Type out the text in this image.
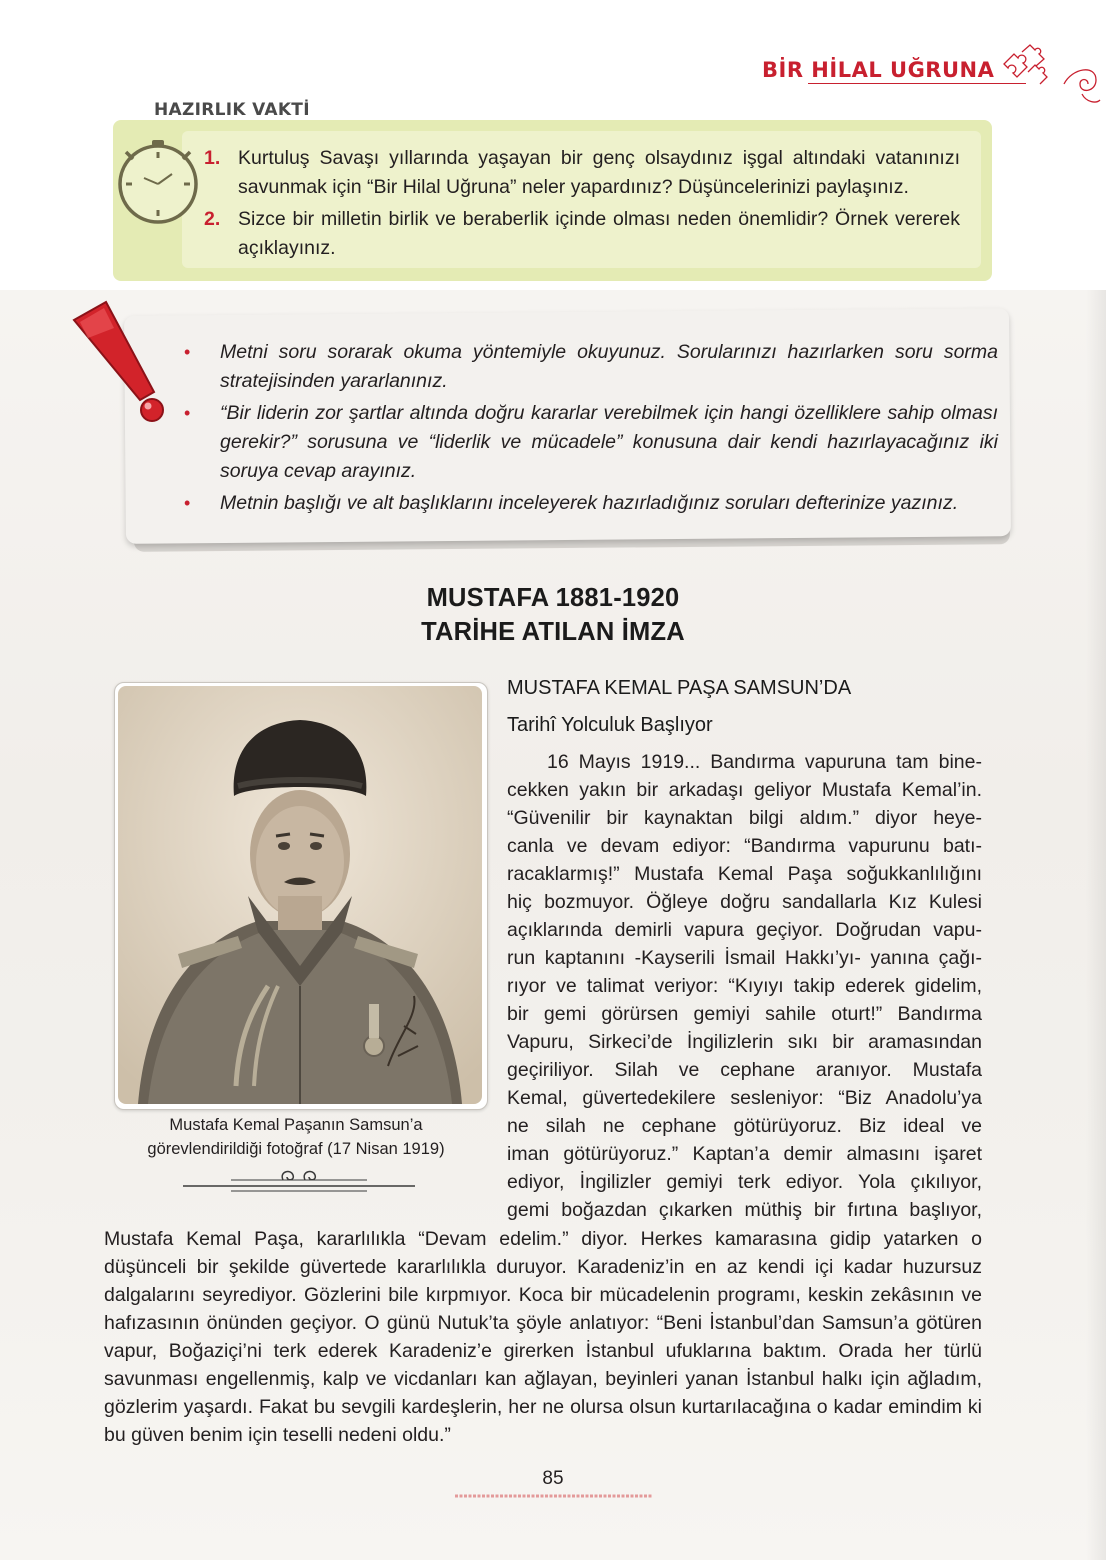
BİR HİLAL UĞRUNA
HAZIRLIK VAKTİ
1. Kurtuluş Savaşı yıllarında yaşayan bir genç olsaydınız işgal altındaki vatanınızı savunmak için “Bir Hilal Uğruna” neler yapardınız? Düşüncelerinizi paylaşınız.
2. Sizce bir milletin birlik ve beraberlik içinde olması neden önemlidir? Örnek vererek açıklayınız.
• Metni soru sorarak okuma yöntemiyle okuyunuz. Sorularınızı hazırlarken soru sorma stratejisinden yararlanınız.
• “Bir liderin zor şartlar altında doğru kararlar verebilmek için hangi özelliklere sahip olması gerekir?” sorusuna ve “liderlik ve mücadele” konusuna dair kendi hazırlayacağınız iki soruya cevap arayınız.
• Metnin başlığı ve alt başlıklarını inceleyerek hazırladığınız soruları defterinize yazınız.
MUSTAFA 1881-1920
TARİHE ATILAN İMZA
Mustafa Kemal Paşanın Samsun’a
görevlendirildiği fotoğraf (17 Nisan 1919)
MUSTAFA KEMAL PAŞA SAMSUN’DA
Tarihî Yolculuk Başlıyor

16 Mayıs 1919... Bandırma vapuruna tam bine-

cekken yakın bir arkadaşı geliyor Mustafa Kemal’in.

“Güvenilir bir kaynaktan bilgi aldım.” diyor heye-

canla ve devam ediyor: “Bandırma vapurunu batı-

racaklarmış!” Mustafa Kemal Paşa soğukkanlılığını

hiç bozmuyor. Öğleye doğru sandallarla Kız Kulesi

açıklarında demirli vapura geçiyor. Doğrudan vapu-

run kaptanını -Kayserili İsmail Hakkı’yı- yanına çağı-

rıyor ve talimat veriyor: “Kıyıyı takip ederek gidelim,

bir gemi görürsen gemiyi sahile oturt!” Bandırma

Vapuru, Sirkeci’de İngilizlerin sıkı bir aramasından

geçiriliyor. Silah ve cephane aranıyor. Mustafa

Kemal, güvertedekilere sesleniyor: “Biz Anadolu’ya

ne silah ne cephane götürüyoruz. Biz ideal ve

iman götürüyoruz.” Kaptan’a demir almasını işaret

ediyor, İngilizler gemiyi terk ediyor. Yola çıkılıyor,

gemi boğazdan çıkarken müthiş bir fırtına başlıyor,

Mustafa Kemal Paşa, kararlılıkla “Devam edelim.” diyor. Herkes kamarasına gidip yatarken o düşünceli bir şekilde güvertede kararlılıkla duruyor. Karadeniz’in en az kendi içi kadar huzursuz dalgalarını seyrediyor. Gözlerini bile kırpmıyor. Koca bir mücadelenin programı, keskin zekâsının ve hafızasının önünden geçiyor. O günü Nutuk’ta şöyle anlatıyor: “Beni İstanbul’dan Samsun’a götüren vapur, Boğaziçi’ni terk ederek Karadeniz’e girerken İstanbul ufuklarına baktım. Orada her türlü savunması engellenmiş, kalp ve vicdanları kan ağlayan, beyinleri yanan İstanbul halkı için ağladım, gözlerim yaşardı. Fakat bu sevgili kardeşlerin, her ne olursa olsun kurtarılacağına o kadar emindim ki bu güven benim için teselli nedeni oldu.”

85
